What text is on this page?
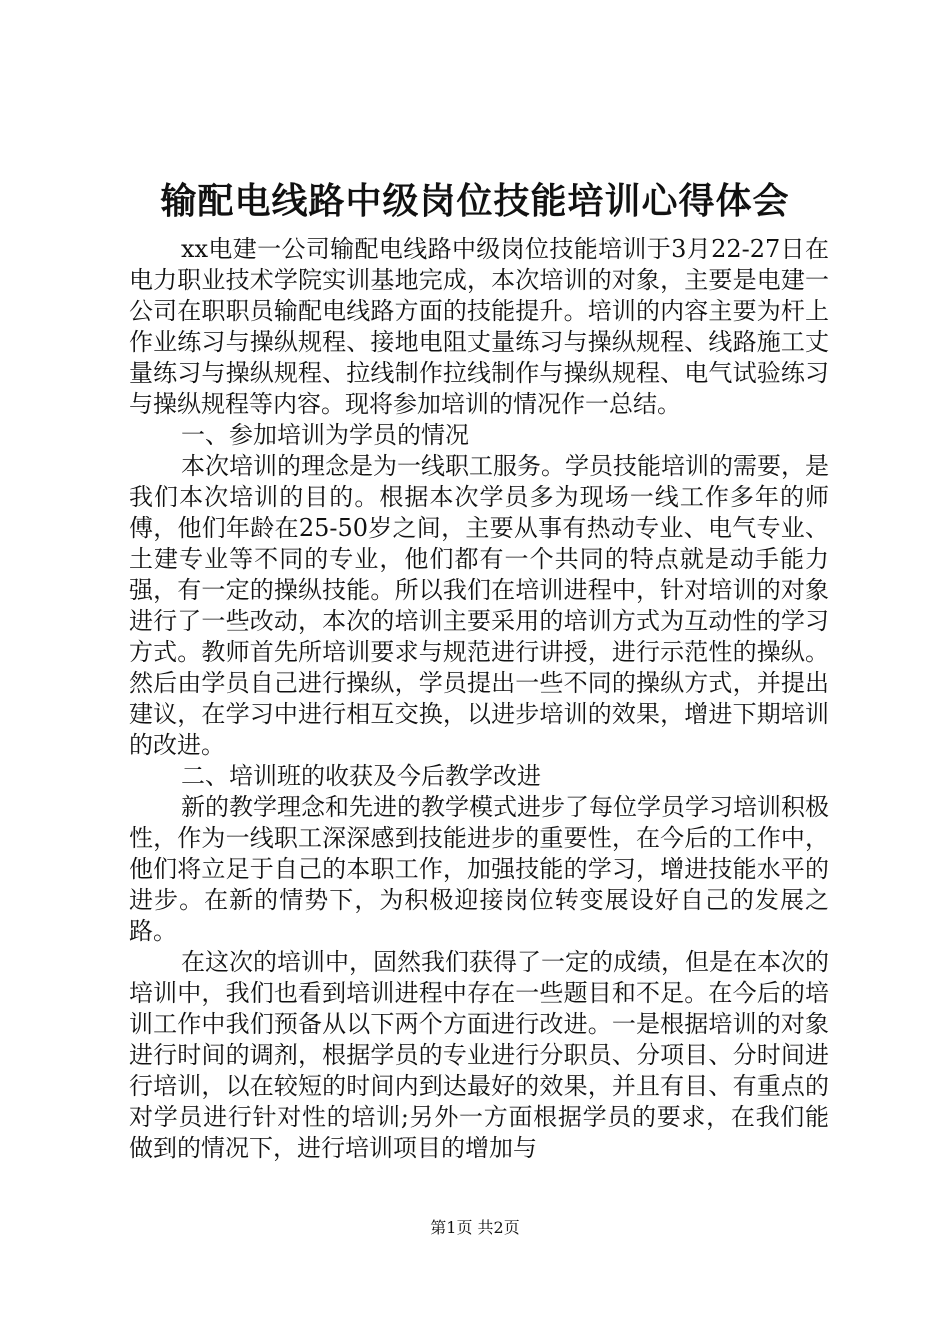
输配电线路中级岗位技能培训心得体会

xx电建一公司输配电线路中级岗位技能培训于3月22-27日在电力职业技术学院实训基地完成，本次培训的对象，主要是电建一公司在职职员输配电线路方面的技能提升。培训的内容主要为杆上作业练习与操纵规程、接地电阻丈量练习与操纵规程、线路施工丈量练习与操纵规程、拉线制作拉线制作与操纵规程、电气试验练习与操纵规程等内容。现将参加培训的情况作一总结。

一、参加培训为学员的情况

本次培训的理念是为一线职工服务。学员技能培训的需要，是我们本次培训的目的。根据本次学员多为现场一线工作多年的师傅，他们年龄在25-50岁之间，主要从事有热动专业、电气专业、土建专业等不同的专业，他们都有一个共同的特点就是动手能力强，有一定的操纵技能。所以我们在培训进程中，针对培训的对象进行了一些改动，本次的培训主要采用的培训方式为互动性的学习方式。教师首先所培训要求与规范进行讲授，进行示范性的操纵。然后由学员自己进行操纵，学员提出一些不同的操纵方式，并提出建议，在学习中进行相互交换，以进步培训的效果，增进下期培训的改进。

二、培训班的收获及今后教学改进

新的教学理念和先进的教学模式进步了每位学员学习培训积极性，作为一线职工深深感到技能进步的重要性，在今后的工作中，他们将立足于自己的本职工作，加强技能的学习，增进技能水平的进步。在新的情势下，为积极迎接岗位转变展设好自己的发展之路。

在这次的培训中，固然我们获得了一定的成绩，但是在本次的培训中，我们也看到培训进程中存在一些题目和不足。在今后的培训工作中我们预备从以下两个方面进行改进。一是根据培训的对象进行时间的调剂，根据学员的专业进行分职员、分项目、分时间进行培训，以在较短的时间内到达最好的效果，并且有目、有重点的对学员进行针对性的培训;另外一方面根据学员的要求，在我们能做到的情况下，进行培训项目的增加与

第1页 共2页
